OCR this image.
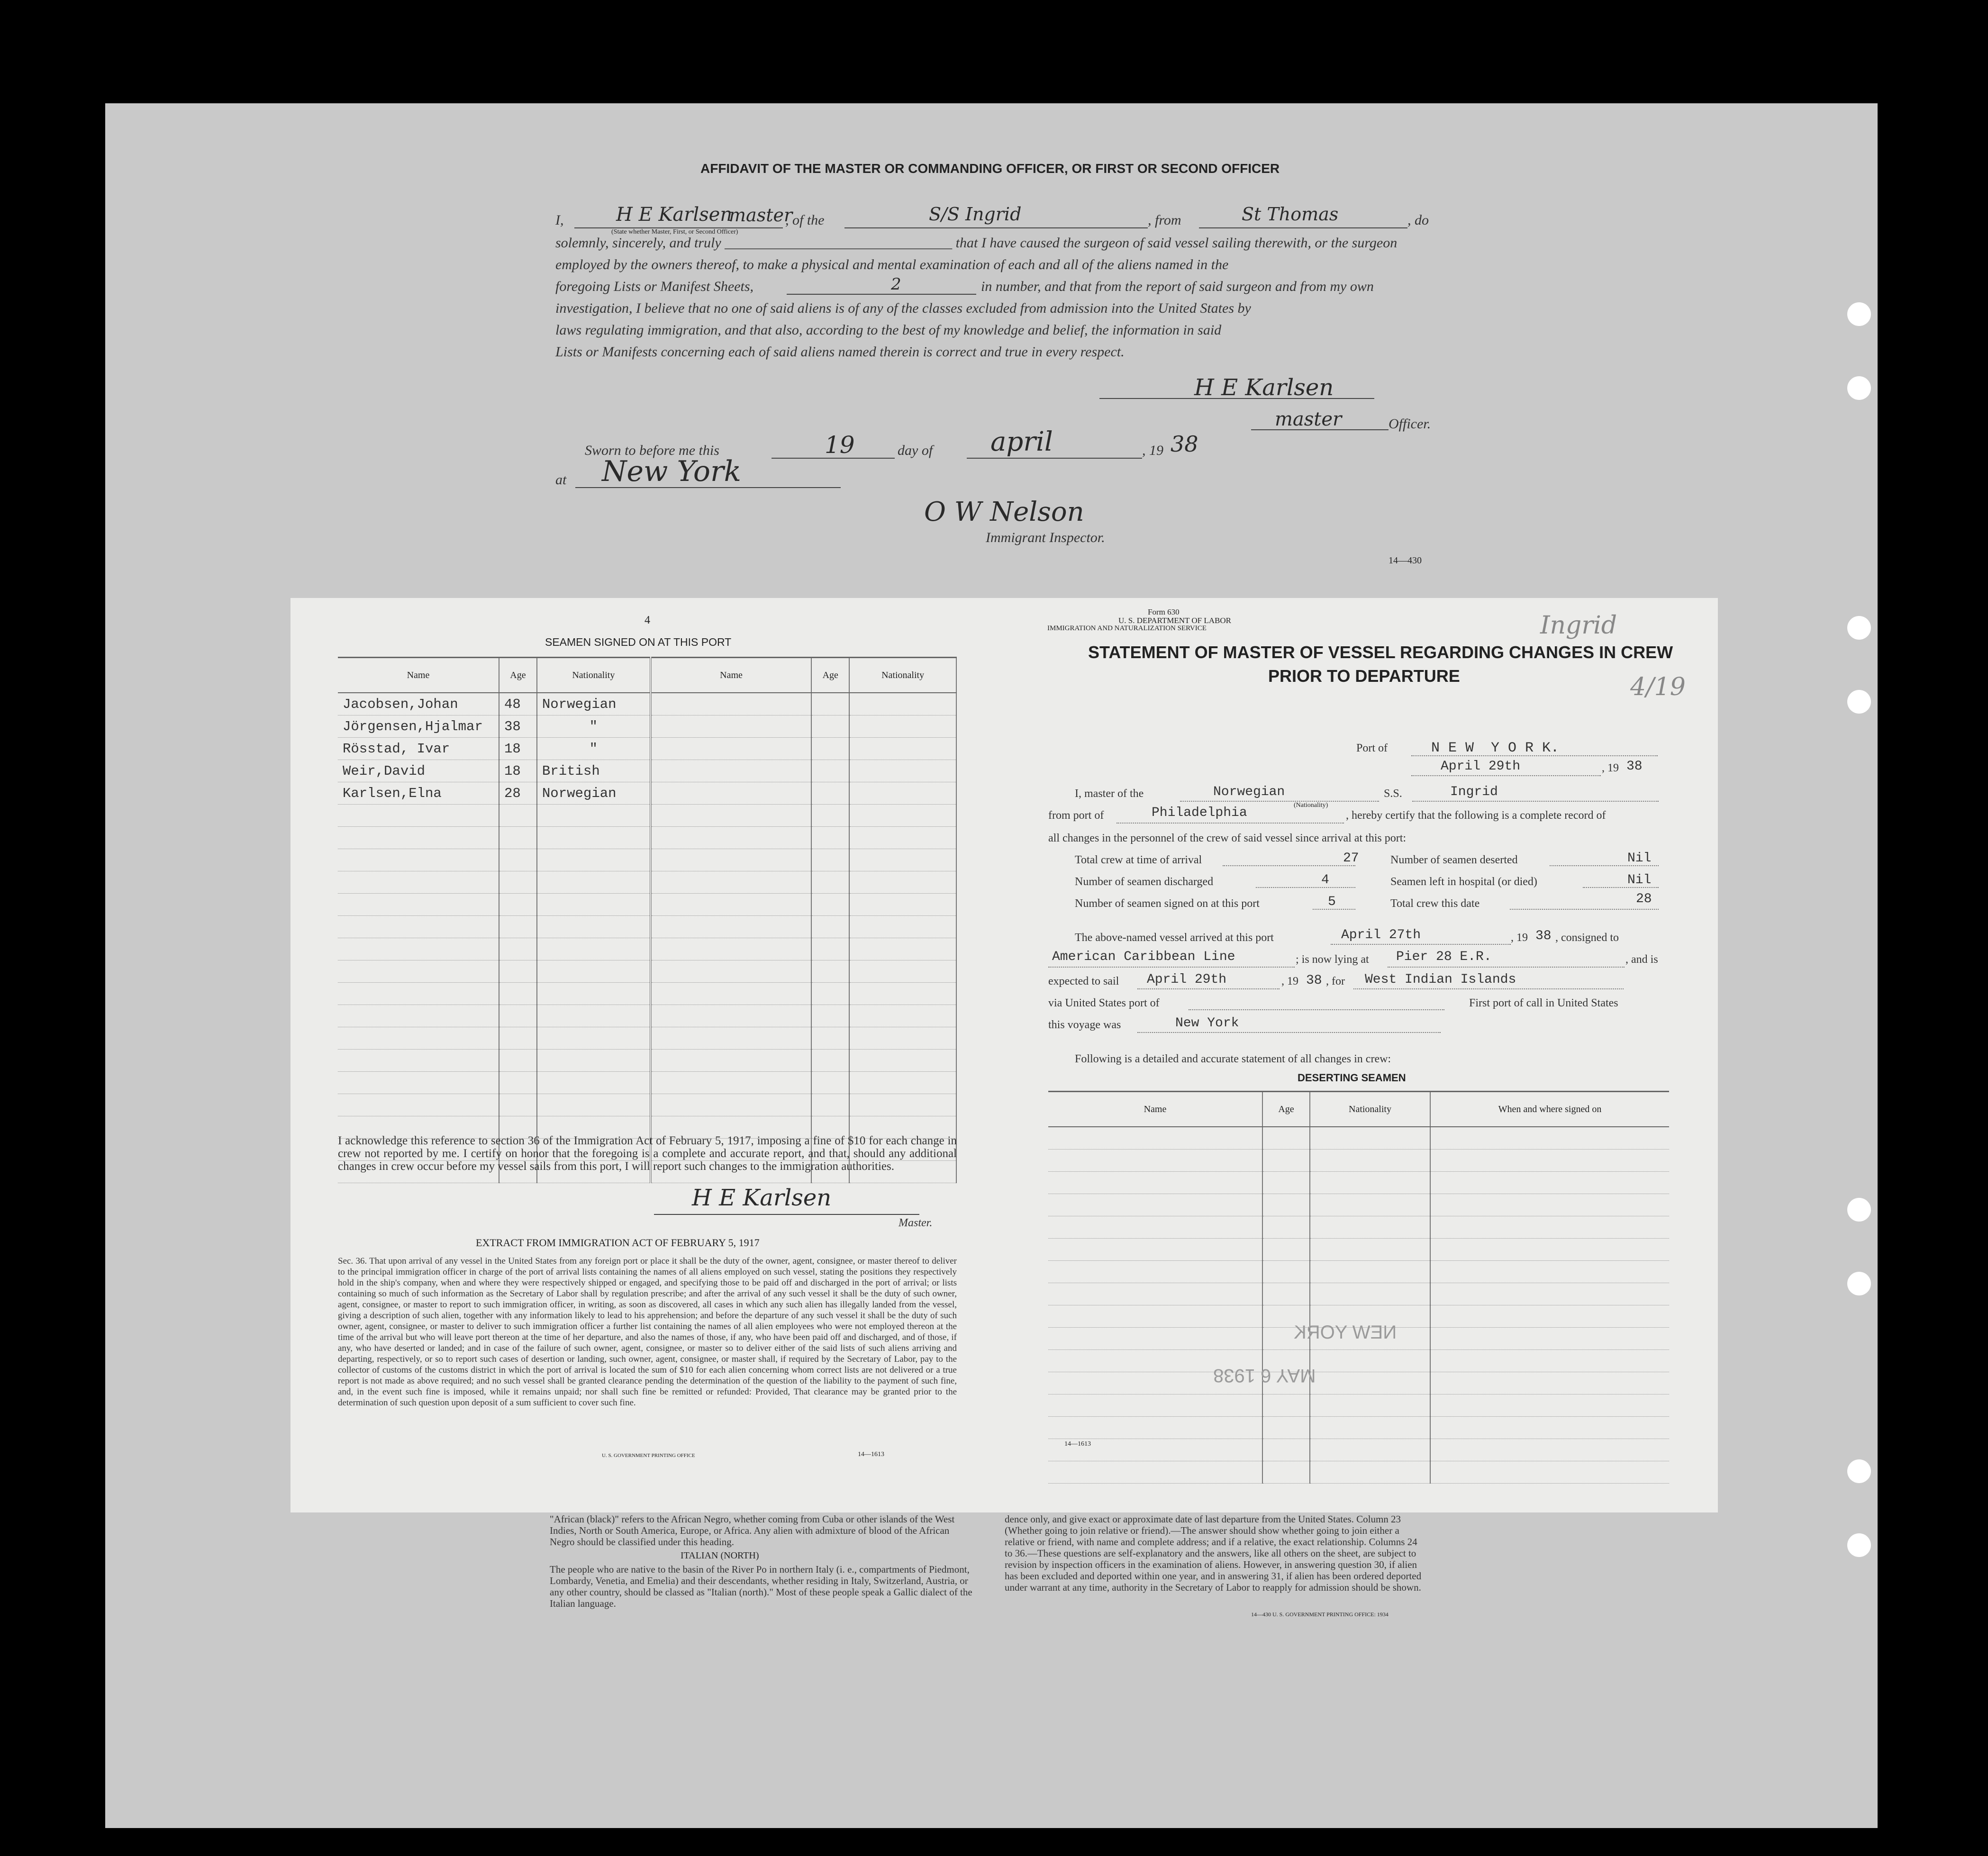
AFFIDAVIT OF THE MASTER OR COMMANDING OFFICER, OR FIRST OR SECOND OFFICER
I,	H E Karlsen
master
(State whether Master, First, or Second Officer)
, of the	S/S Ingrid	, from	St Thomas	, do
solemnly, sincerely, and truly ________________________________ that I have caused the surgeon of said vessel sailing therewith, or the surgeon
employed by the owners thereof, to make a physical and mental examination of each and all of the aliens named in the
foregoing Lists or Manifest Sheets,	2	in number, and that from the report of said surgeon and from my own
investigation, I believe that no one of said aliens is of any of the classes excluded from admission into the United States by
laws regulating immigration, and that also, according to the best of my knowledge and belief, the information in said
Lists or Manifests concerning each of said aliens named therein is correct and true in every respect.
H E Karlsen
master	Officer.
Sworn to before me this	19	day of april	, 19 38
at New York
O W Nelson
Immigrant Inspector.
14—430
4
SEAMEN SIGNED ON AT THIS PORT
Name	Age	Nationality	Name	Age	Nationality
Jacobsen,Johan	48	Norwegian			
Jörgensen,Hjalmar	38	"			
Rösstad, Ivar	18	"			
Weir,David	18	British			
Karlsen,Elna	28	Norwegian			

I acknowledge this reference to section 36 of the Immigration Act of February 5, 1917, imposing a fine of $10 for each change in crew not reported by me. I certify on honor that the foregoing is a complete and accurate report, and that, should any additional changes in crew occur before my vessel sails from this port, I will report such changes to the immigration authorities.
H E Karlsen
Master.
EXTRACT FROM IMMIGRATION ACT OF FEBRUARY 5, 1917
Sec. 36. That upon arrival of any vessel in the United States from any foreign port or place it shall be the duty of the owner, agent, consignee, or master thereof to deliver to the principal immigration officer in charge of the port of arrival lists containing the names of all aliens employed on such vessel, stating the positions they respectively hold in the ship's company, when and where they were respectively shipped or engaged, and specifying those to be paid off and discharged in the port of arrival; or lists containing so much of such information as the Secretary of Labor shall by regulation prescribe; and after the arrival of any such vessel it shall be the duty of such owner, agent, consignee, or master to report to such immigration officer, in writing, as soon as discovered, all cases in which any such alien has illegally landed from the vessel, giving a description of such alien, together with any information likely to lead to his apprehension; and before the departure of any such vessel it shall be the duty of such owner, agent, consignee, or master to deliver to such immigration officer a further list containing the names of all alien employees who were not employed thereon at the time of the arrival but who will leave port thereon at the time of her departure, and also the names of those, if any, who have been paid off and discharged, and of those, if any, who have deserted or landed; and in case of the failure of such owner, agent, consignee, or master so to deliver either of the said lists of such aliens arriving and departing, respectively, or so to report such cases of desertion or landing, such owner, agent, consignee, or master shall, if required by the Secretary of Labor, pay to the collector of customs of the customs district in which the port of arrival is located the sum of $10 for each alien concerning whom correct lists are not delivered or a true report is not made as above required; and no such vessel shall be granted clearance pending the determination of the question of the liability to the payment of such fine, and, in the event such fine is imposed, while it remains unpaid; nor shall such fine be remitted or refunded: Provided, That clearance may be granted prior to the determination of such question upon deposit of a sum sufficient to cover such fine.
U. S. GOVERNMENT PRINTING OFFICE	14—1613
Form 630
U. S. DEPARTMENT OF LABOR
IMMIGRATION AND NATURALIZATION SERVICE
STATEMENT OF MASTER OF VESSEL REGARDING CHANGES IN CREW
PRIOR TO DEPARTURE
Ingrid
4/19
Port of	N E W  Y O R K.
April 29th	, 19 38
I, master of the	Norwegian
(Nationality)
S.S.	Ingrid
from port of	Philadelphia	, hereby certify that the following is a complete record of
all changes in the personnel of the crew of said vessel since arrival at this port:
Total crew at time of arrival	27	Number of seamen deserted	Nil
Number of seamen discharged	4	Seamen left in hospital (or died)	Nil
Number of seamen signed on at this port	5	Total crew this date	28
The above-named vessel arrived at this port	April 27th	, 19 38 , consigned to
American Caribbean Line	; is now lying at Pier 28 E.R.	, and is
expected to sail April 29th	, 19 38 , for West Indian Islands
via United States port of	First port of call in United States
this voyage was	New York
Following is a detailed and accurate statement of all changes in crew:
DESERTING SEAMEN
Name	Age	Nationality	When and where signed on

NEW YORK
MAY 6 1938
14—1613
"African (black)" refers to the African Negro, whether coming from Cuba or other islands of the West Indies, North or South America, Europe, or Africa. Any alien with admixture of blood of the African Negro should be classified under this heading.
ITALIAN (NORTH)
The people who are native to the basin of the River Po in northern Italy (i. e., compartments of Piedmont, Lombardy, Venetia, and Emelia) and their descendants, whether residing in Italy, Switzerland, Austria, or any other country, should be classed as "Italian (north)." Most of these people speak a Gallic dialect of the Italian language.
dence only, and give exact or approximate date of last departure from the United States. Column 23 (Whether going to join relative or friend).—The answer should show whether going to join either a relative or friend, with name and complete address; and if a relative, the exact relationship. Columns 24 to 36.—These questions are self-explanatory and the answers, like all others on the sheet, are subject to revision by inspection officers in the examination of aliens. However, in answering question 30, if alien has been excluded and deported within one year, and in answering 31, if alien has been ordered deported under warrant at any time, authority in the Secretary of Labor to reapply for admission should be shown.
14—430 U. S. GOVERNMENT PRINTING OFFICE: 1934
